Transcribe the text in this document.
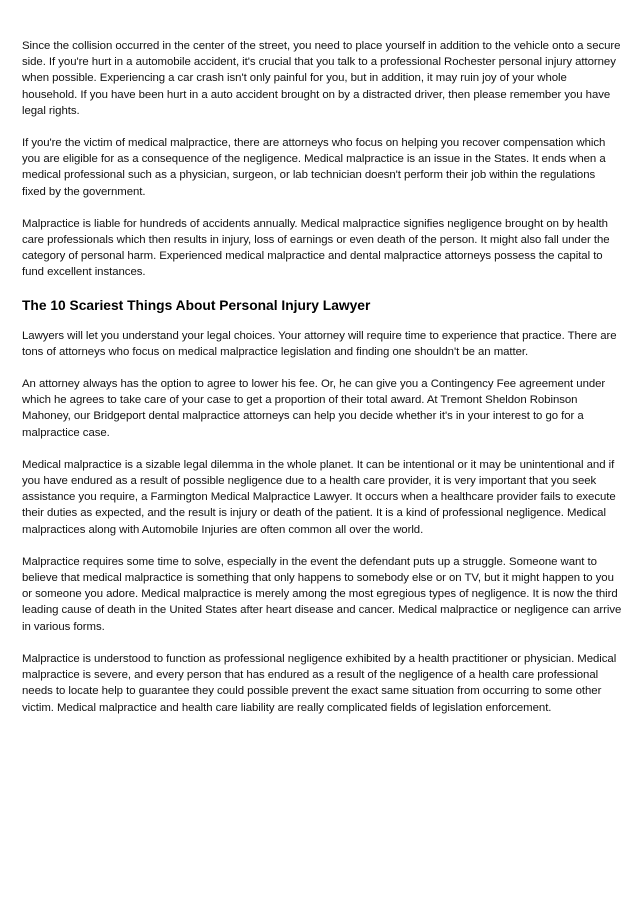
Since the collision occurred in the center of the street, you need to place yourself in addition to the vehicle onto a secure side. If you're hurt in a automobile accident, it's crucial that you talk to a professional Rochester personal injury attorney when possible. Experiencing a car crash isn't only painful for you, but in addition, it may ruin joy of your whole household. If you have been hurt in a auto accident brought on by a distracted driver, then please remember you have legal rights.

If you're the victim of medical malpractice, there are attorneys who focus on helping you recover compensation which you are eligible for as a consequence of the negligence. Medical malpractice is an issue in the States. It ends when a medical professional such as a physician, surgeon, or lab technician doesn't perform their job within the regulations fixed by the government.

Malpractice is liable for hundreds of accidents annually. Medical malpractice signifies negligence brought on by health care professionals which then results in injury, loss of earnings or even death of the person. It might also fall under the category of personal harm. Experienced medical malpractice and dental malpractice attorneys possess the capital to fund excellent instances.

The 10 Scariest Things About Personal Injury Lawyer

Lawyers will let you understand your legal choices. Your attorney will require time to experience that practice. There are tons of attorneys who focus on medical malpractice legislation and finding one shouldn't be an matter.

An attorney always has the option to agree to lower his fee. Or, he can give you a Contingency Fee agreement under which he agrees to take care of your case to get a proportion of their total award. At Tremont Sheldon Robinson Mahoney, our Bridgeport dental malpractice attorneys can help you decide whether it's in your interest to go for a malpractice case.

Medical malpractice is a sizable legal dilemma in the whole planet. It can be intentional or it may be unintentional and if you have endured as a result of possible negligence due to a health care provider, it is very important that you seek assistance you require, a Farmington Medical Malpractice Lawyer. It occurs when a healthcare provider fails to execute their duties as expected, and the result is injury or death of the patient. It is a kind of professional negligence. Medical malpractices along with Automobile Injuries are often common all over the world.

Malpractice requires some time to solve, especially in the event the defendant puts up a struggle. Someone want to believe that medical malpractice is something that only happens to somebody else or on TV, but it might happen to you or someone you adore. Medical malpractice is merely among the most egregious types of negligence. It is now the third leading cause of death in the United States after heart disease and cancer. Medical malpractice or negligence can arrive in various forms.

Malpractice is understood to function as professional negligence exhibited by a health practitioner or physician. Medical malpractice is severe, and every person that has endured as a result of the negligence of a health care professional needs to locate help to guarantee they could possible prevent the exact same situation from occurring to some other victim. Medical malpractice and health care liability are really complicated fields of legislation enforcement.
